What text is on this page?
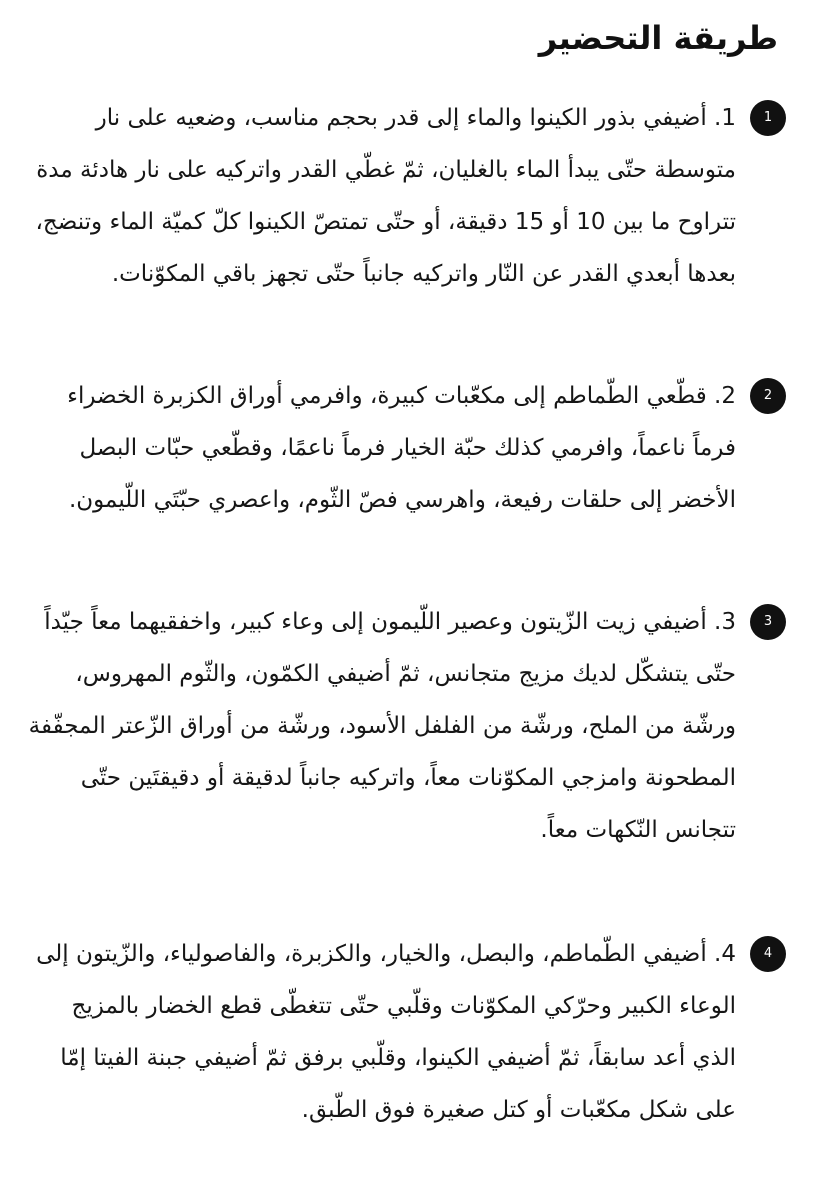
طريقة التحضير
1

1. أضيفي بذور الكينوا والماء إلى قدر بحجم مناسب، وضعيه على نار متوسطة حتّى يبدأ الماء بالغليان، ثمّ غطّي القدر واتركيه على نار هادئة مدة تتراوح ما بين 10 أو 15 دقيقة، أو حتّى تمتصّ الكينوا كلّ كميّة الماء وتنضج، بعدها أبعدي القدر عن النّار واتركيه جانباً حتّى تجهز باقي المكوّنات.

2

2. قطّعي الطّماطم إلى مكعّبات كبيرة، وافرمي أوراق الكزبرة الخضراء فرماً ناعماً، وافرمي كذلك حبّة الخيار فرماً ناعمًا، وقطّعي حبّات البصل الأخضر إلى حلقات رفيعة، واهرسي فصّ الثّوم، واعصري حبّتَي اللّيمون.

3

3. أضيفي زيت الزّيتون وعصير اللّيمون إلى وعاء كبير، واخفقيهما معاً جيّداً حتّى يتشكّل لديك مزيج متجانس، ثمّ أضيفي الكمّون، والثّوم المهروس، ورشّة من الملح، ورشّة من الفلفل الأسود، ورشّة من أوراق الزّعتر المجفّفة المطحونة وامزجي المكوّنات معاً، واتركيه جانباً لدقيقة أو دقيقتَين حتّى تتجانس النّكهات معاً.

4

4. أضيفي الطّماطم، والبصل، والخيار، والكزبرة، والفاصولياء، والزّيتون إلى الوعاء الكبير وحرّكي المكوّنات وقلّبي حتّى تتغطّى قطع الخضار بالمزيج الذي أعد سابقاً، ثمّ أضيفي الكينوا، وقلّبي برفق ثمّ أضيفي جبنة الفيتا إمّا على شكل مكعّبات أو كتل صغيرة فوق الطّبق.
